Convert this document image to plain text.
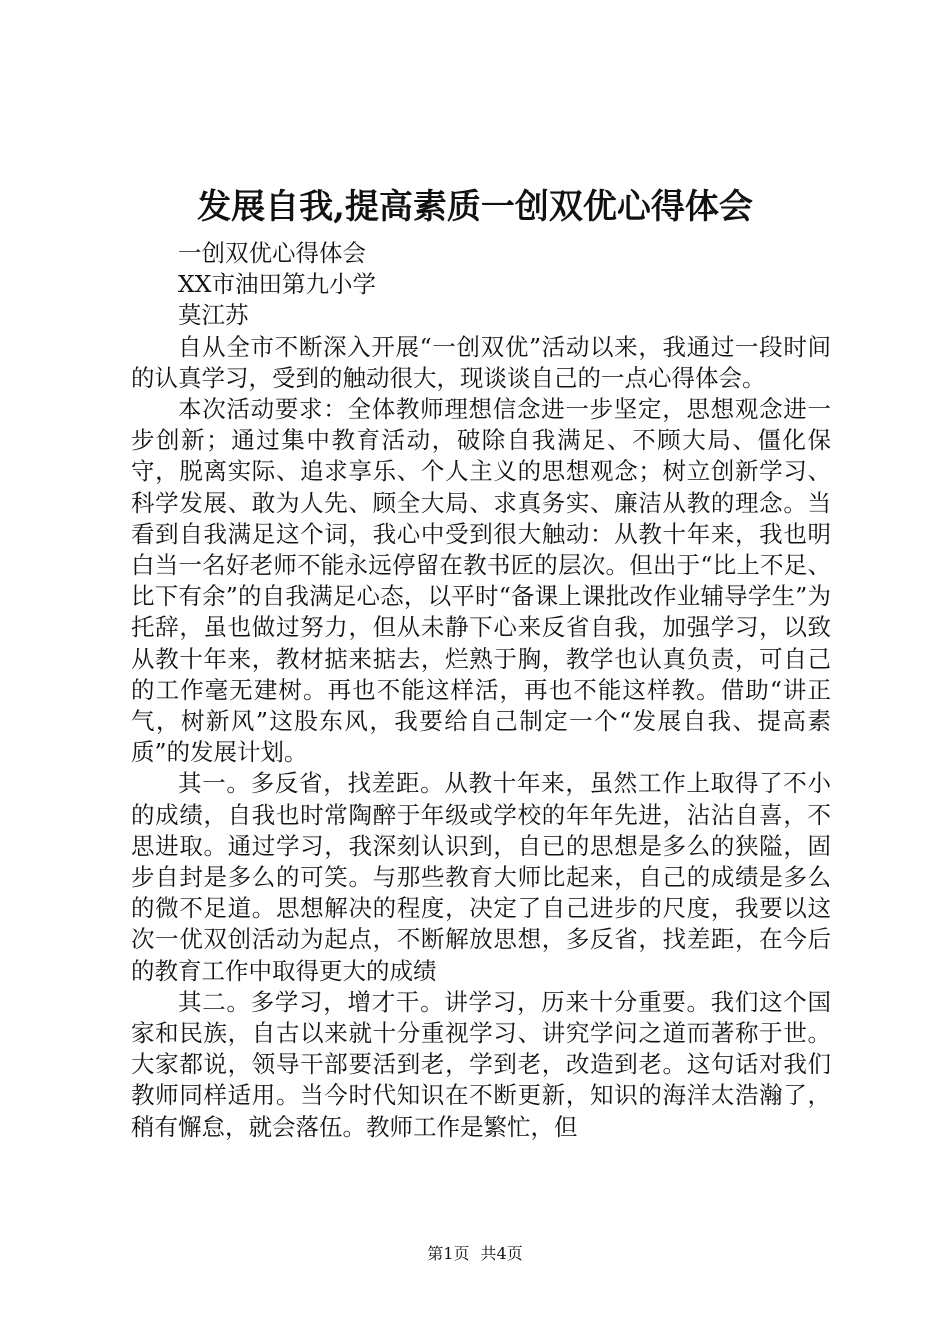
发展自我,提高素质一创双优心得体会

一创双优心得体会

XX市油田第九小学

莫江苏

自从全市不断深入开展“一创双优”活动以来，我通过一段时间的认真学习，受到的触动很大，现谈谈自己的一点心得体会。

本次活动要求：全体教师理想信念进一步坚定，思想观念进一步创新；通过集中教育活动，破除自我满足、不顾大局、僵化保守，脱离实际、追求享乐、个人主义的思想观念；树立创新学习、科学发展、敢为人先、顾全大局、求真务实、廉洁从教的理念。当看到自我满足这个词，我心中受到很大触动：从教十年来，我也明白当一名好老师不能永远停留在教书匠的层次。但出于“比上不足、比下有余”的自我满足心态，以平时“备课上课批改作业辅导学生”为托辞，虽也做过努力，但从未静下心来反省自我，加强学习，以致从教十年来，教材掂来掂去，烂熟于胸，教学也认真负责，可自己的工作毫无建树。再也不能这样活，再也不能这样教。借助“讲正气，树新风”这股东风，我要给自己制定一个“发展自我、提高素质”的发展计划。

其一。多反省，找差距。从教十年来，虽然工作上取得了不小的成绩，自我也时常陶醉于年级或学校的年年先进，沾沾自喜，不思进取。通过学习，我深刻认识到，自已的思想是多么的狭隘，固步自封是多么的可笑。与那些教育大师比起来，自己的成绩是多么的微不足道。思想解决的程度，决定了自己进步的尺度，我要以这次一优双创活动为起点，不断解放思想，多反省，找差距，在今后的教育工作中取得更大的成绩

其二。多学习，增才干。讲学习，历来十分重要。我们这个国家和民族，自古以来就十分重视学习、讲究学问之道而著称于世。大家都说，领导干部要活到老，学到老，改造到老。这句话对我们教师同样适用。当今时代知识在不断更新，知识的海洋太浩瀚了，稍有懈怠，就会落伍。教师工作是繁忙，但

第1页 共4页
